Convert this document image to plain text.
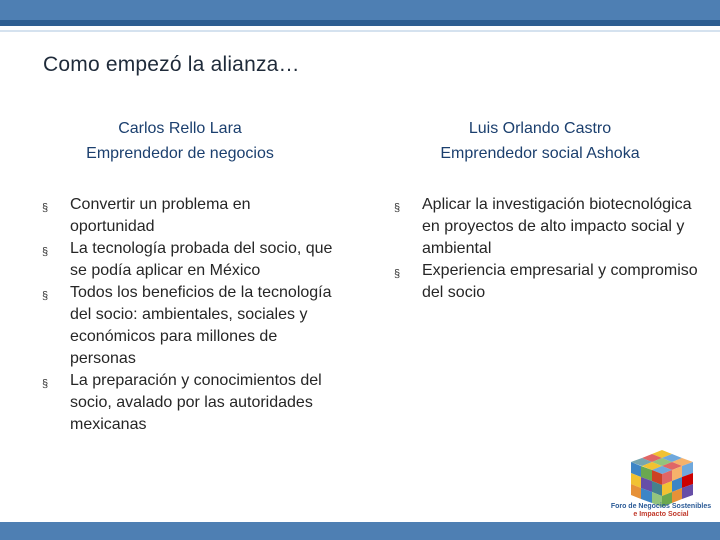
Como empezó la alianza…
Carlos Rello Lara
Emprendedor de negocios
Luis Orlando Castro
Emprendedor social Ashoka
§ Convertir un problema en oportunidad
§ La tecnología probada del socio, que se podía aplicar en México
§ Todos los beneficios de la tecnología del socio: ambientales, sociales y económicos para millones de personas
§ La preparación y conocimientos del socio, avalado por las autoridades mexicanas
§ Aplicar la investigación biotecnológica en proyectos de alto impacto social y ambiental
§ Experiencia empresarial y compromiso del socio
Foro de Negocios Sostenibles
e Impacto Social
